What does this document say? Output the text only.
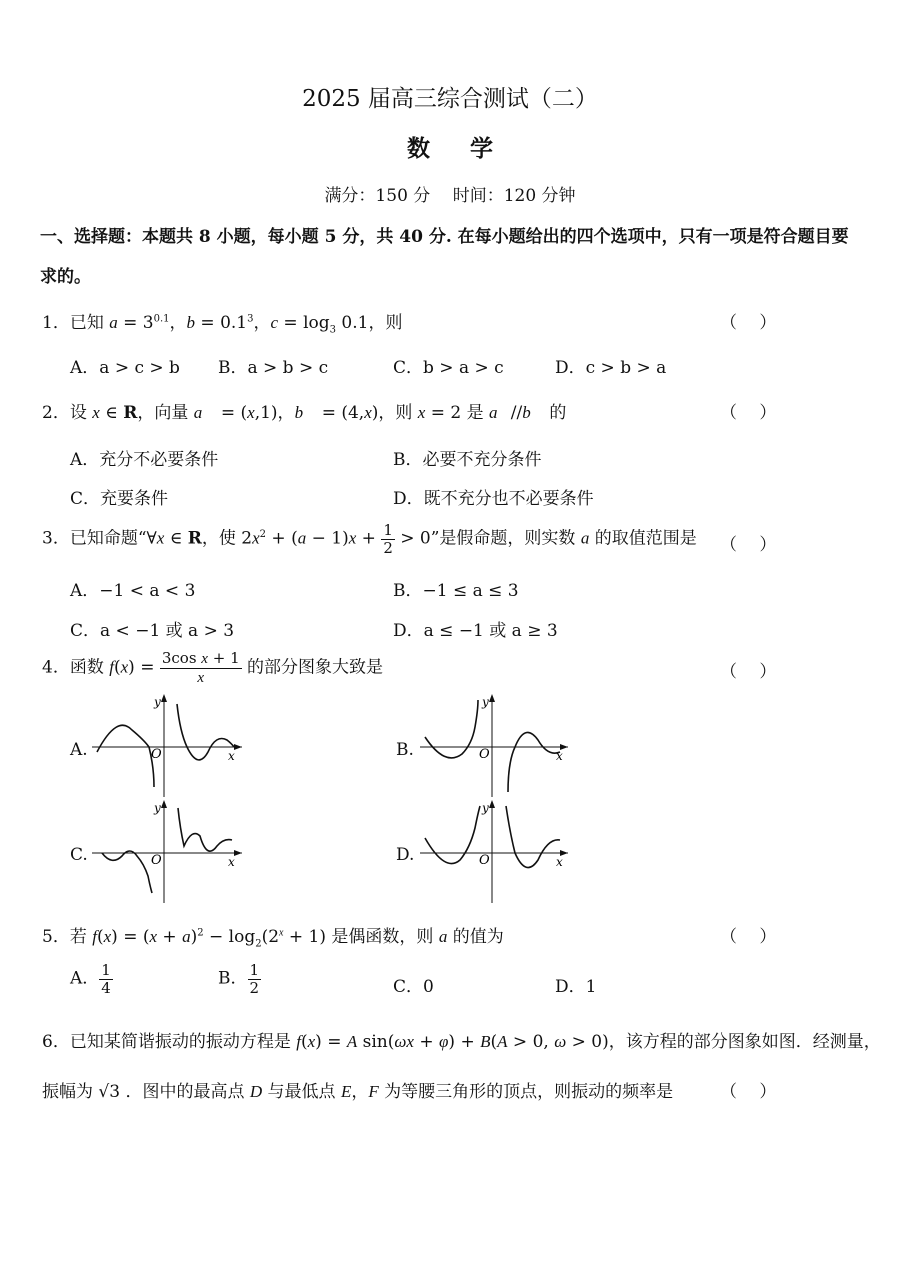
2025 届高三综合测试（二）
数学
满分：150 分　 时间：120 分钟
一、选择题：本题共 8 小题，每小题 5 分，共 40 分. 在每小题给出的四个选项中，只有一项是符合题目要
求的。
1．已知 $a = 3^{0.1}$，$b = 0.1^3$，$c = \log_3 0.1$，则	（　 ）
A．a > c > b B．a > b > c	C．b > a > c	D．c > b > a
2．设 x ∈ R，向量 a⃗ = (x,1)，b⃗ = (4,x)，则 x = 2 是 a⃗//b⃗ 的	（　 ）
A．充分不必要条件	B．必要不充分条件
C．充要条件	D．既不充分也不必要条件
3．已知命题“∀x ∈ R，使 $2x^2 + (a - 1)x + \frac{1}{2} > 0$”是假命题，则实数 a 的取值范围是 （　 ）
A．−1 < a < 3	B．−1 ≤ a ≤ 3
C．a < −1 或 a > 3	D．a ≤ −1 或 a ≥ 3
4．函数 $f(x) = \frac{\text{3cos x + 1}}{x}$ 的部分图象大致是	（　 ）
A.	B.
C.	D.
O
y
x	O
y
x
O
y
x	O
y
x
5．若 $f(x) = (x + a)^2 - \log_2(2^x + 1)$ 是偶函数，则 a 的值为	（　 ）
A． $\frac{1}{4}$	B． $\frac{1}{2}$	C．0	D．1
6．已知某简谐振动的振动方程是 f(x) = A sin(ωx + φ) + B(A > 0, ω > 0)，该方程的部分图象如图．经测量，
振幅为 √3 ．图中的最高点 D 与最低点 E，F 为等腰三角形的顶点，则振动的频率是	（　 ）
